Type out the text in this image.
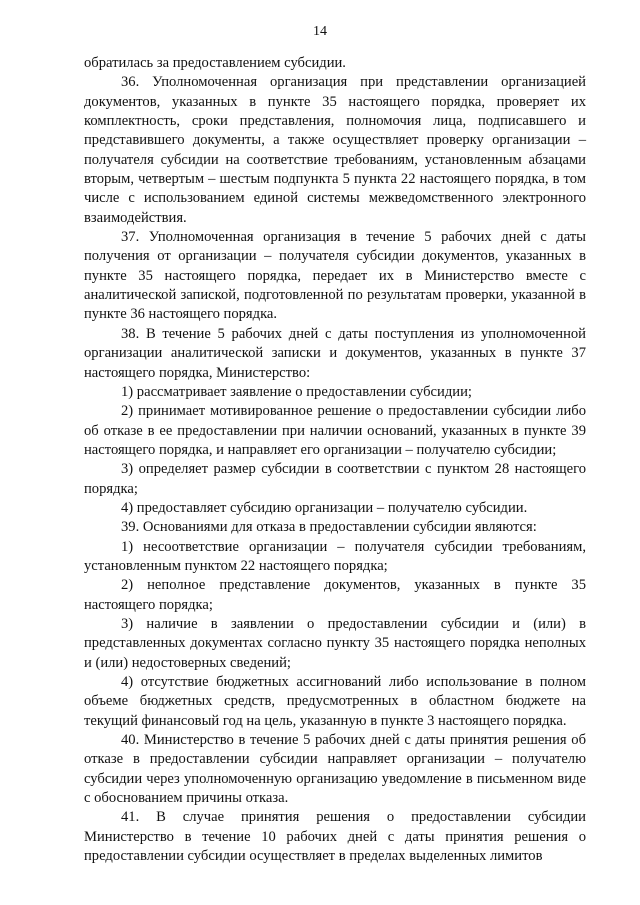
14

обратилась за предоставлением субсидии.

36. Уполномоченная организация при представлении организацией документов, указанных в пункте 35 настоящего порядка, проверяет их комплектность, сроки представления, полномочия лица, подписавшего и представившего документы, а также осуществляет проверку организации – получателя субсидии на соответствие требованиям, установленным абзацами вторым, четвертым – шестым подпункта 5 пункта 22 настоящего порядка, в том числе с использованием единой системы межведомственного электронного взаимодействия.

37. Уполномоченная организация в течение 5 рабочих дней с даты получения от организации – получателя субсидии документов, указанных в пункте 35 настоящего порядка, передает их в Министерство вместе с аналитической запиской, подготовленной по результатам проверки, указанной в пункте 36 настоящего порядка.

38. В течение 5 рабочих дней с даты поступления из уполномоченной организации аналитической записки и документов, указанных в пункте 37 настоящего порядка, Министерство:

1) рассматривает заявление о предоставлении субсидии;

2) принимает мотивированное решение о предоставлении субсидии либо об отказе в ее предоставлении при наличии оснований, указанных в пункте 39 настоящего порядка, и направляет его организации – получателю субсидии;

3) определяет размер субсидии в соответствии с пунктом 28 настоящего порядка;

4) предоставляет субсидию организации – получателю субсидии.

39. Основаниями для отказа в предоставлении субсидии являются:

1) несоответствие организации – получателя субсидии требованиям, установленным пунктом 22 настоящего порядка;

2) неполное представление документов, указанных в пункте 35 настоящего порядка;

3) наличие в заявлении о предоставлении субсидии и (или) в представленных документах согласно пункту 35 настоящего порядка неполных и (или) недостоверных сведений;

4) отсутствие бюджетных ассигнований либо использование в полном объеме бюджетных средств, предусмотренных в областном бюджете на текущий финансовый год на цель, указанную в пункте 3 настоящего порядка.

40. Министерство в течение 5 рабочих дней с даты принятия решения об отказе в предоставлении субсидии направляет организации – получателю субсидии через уполномоченную организацию уведомление в письменном виде с обоснованием причины отказа.

41. В случае принятия решения о предоставлении субсидии Министерство в течение 10 рабочих дней с даты принятия решения о предоставлении субсидии осуществляет в пределах выделенных лимитов
